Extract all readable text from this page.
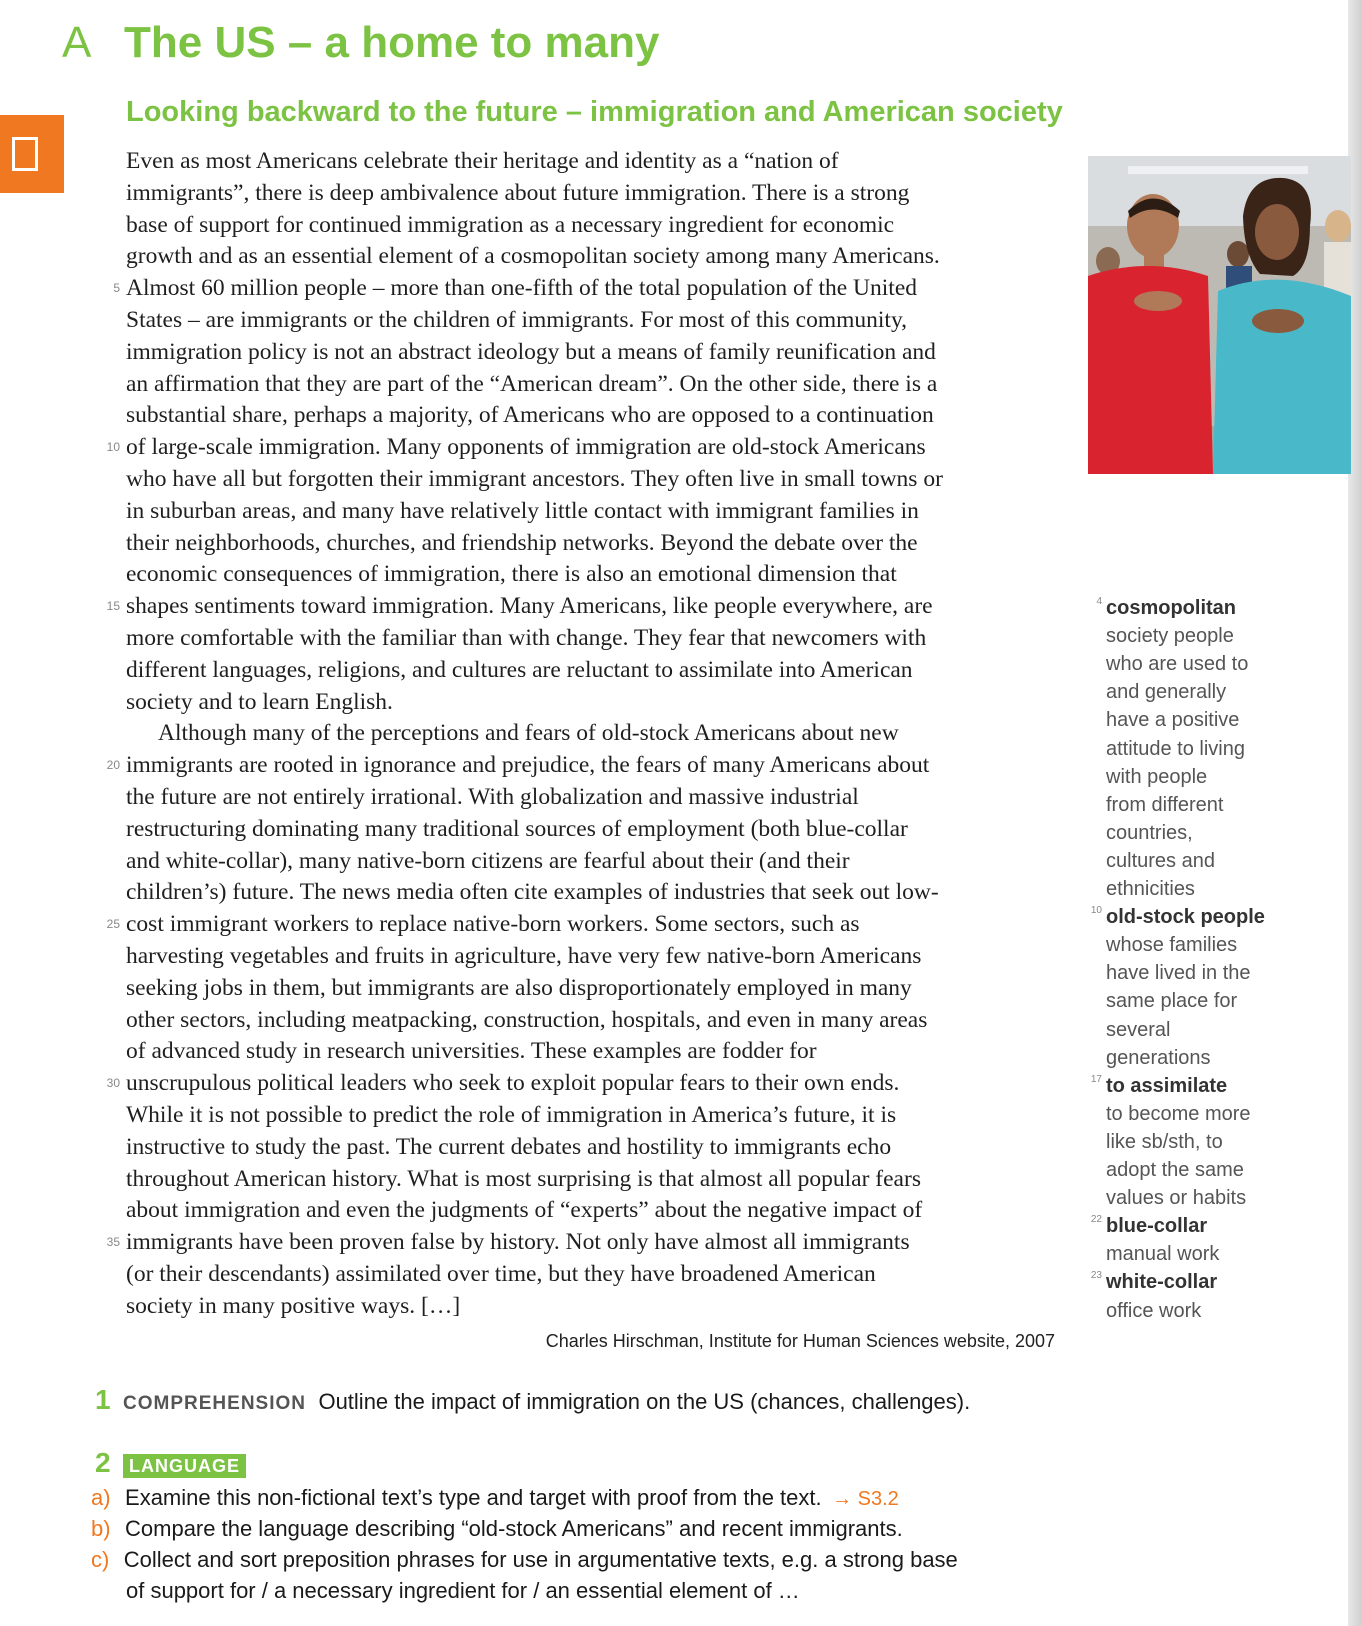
A The US – a home to many
Looking backward to the future – immigration and American society
Even as most Americans celebrate their heritage and identity as a “nation of
immigrants”, there is deep ambivalence about future immigration. There is a strong
base of support for continued immigration as a necessary ingredient for economic
growth and as an essential element of a cosmopolitan society among many Americans.
5 Almost 60 million people – more than one-fifth of the total population of the United
States – are immigrants or the children of immigrants. For most of this community,
immigration policy is not an abstract ideology but a means of family reunification and
an affirmation that they are part of the “American dream”. On the other side, there is a
substantial share, perhaps a majority, of Americans who are opposed to a continuation
10 of large-scale immigration. Many opponents of immigration are old-stock Americans
who have all but forgotten their immigrant ancestors. They often live in small towns or
in suburban areas, and many have relatively little contact with immigrant families in
their neighborhoods, churches, and friendship networks. Beyond the debate over the
economic consequences of immigration, there is also an emotional dimension that
15 shapes sentiments toward immigration. Many Americans, like people everywhere, are
more comfortable with the familiar than with change. They fear that newcomers with
different languages, religions, and cultures are reluctant to assimilate into American
society and to learn English.
Although many of the perceptions and fears of old-stock Americans about new
20 immigrants are rooted in ignorance and prejudice, the fears of many Americans about
the future are not entirely irrational. With globalization and massive industrial
restructuring dominating many traditional sources of employment (both blue-collar
and white-collar), many native-born citizens are fearful about their (and their
children’s) future. The news media often cite examples of industries that seek out low-
25 cost immigrant workers to replace native-born workers. Some sectors, such as
harvesting vegetables and fruits in agriculture, have very few native-born Americans
seeking jobs in them, but immigrants are also disproportionately employed in many
other sectors, including meatpacking, construction, hospitals, and even in many areas
of advanced study in research universities. These examples are fodder for
30 unscrupulous political leaders who seek to exploit popular fears to their own ends.
While it is not possible to predict the role of immigration in America’s future, it is
instructive to study the past. The current debates and hostility to immigrants echo
throughout American history. What is most surprising is that almost all popular fears
about immigration and even the judgments of “experts” about the negative impact of
35 immigrants have been proven false by history. Not only have almost all immigrants
(or their descendants) assimilated over time, but they have broadened American
society in many positive ways. […]
4 cosmopolitan
society people
who are used to
and generally
have a positive
attitude to living
with people
from different
countries,
cultures and
ethnicities
10 old-stock people
whose families
have lived in the
same place for
several
generations
17 to assimilate
to become more
like sb/sth, to
adopt the same
values or habits
22 blue-collar
manual work
23 white-collar
office work
Charles Hirschman, Institute for Human Sciences website, 2007
1 COMPREHENSION Outline the impact of immigration on the US (chances, challenges).
2 LANGUAGE
a) Examine this non-fictional text’s type and target with proof from the text. → S3.2
b) Compare the language describing “old-stock Americans” and recent immigrants.
c) Collect and sort preposition phrases for use in argumentative texts, e.g. a strong base
of support for / a necessary ingredient for / an essential element of …
